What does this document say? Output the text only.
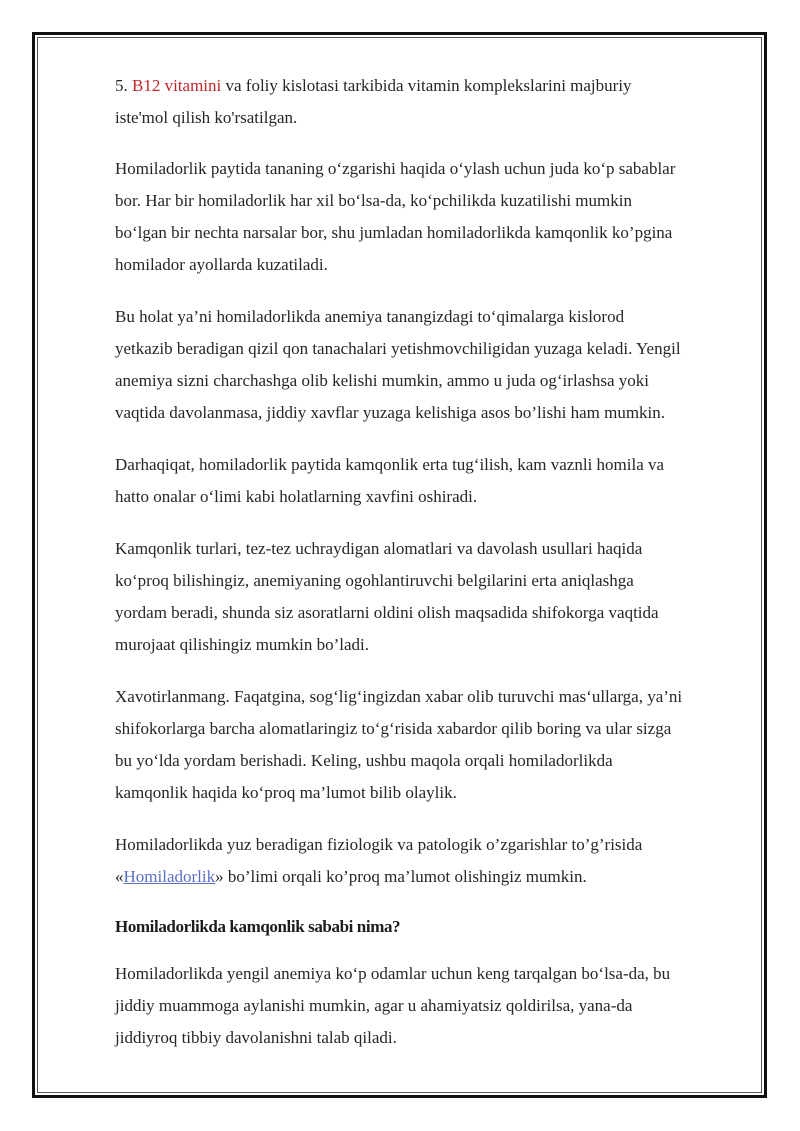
5. B12 vitamini va foliy kislotasi tarkibida vitamin komplekslarini majburiy
iste'mol qilish ko'rsatilgan.

Homiladorlik paytida tananing o‘zgarishi haqida o‘ylash uchun juda ko‘p sabablar
bor. Har bir homiladorlik har xil bo‘lsa-da, ko‘pchilikda kuzatilishi mumkin
bo‘lgan bir nechta narsalar bor, shu jumladan homiladorlikda kamqonlik ko’pgina
homilador ayollarda kuzatiladi.

Bu holat ya’ni homiladorlikda anemiya tanangizdagi to‘qimalarga kislorod
yetkazib beradigan qizil qon tanachalari yetishmovchiligidan yuzaga keladi. Yengil
anemiya sizni charchashga olib kelishi mumkin, ammo u juda og‘irlashsa yoki
vaqtida davolanmasa, jiddiy xavflar yuzaga kelishiga asos bo’lishi ham mumkin.

Darhaqiqat, homiladorlik paytida kamqonlik erta tug‘ilish, kam vaznli homila va
hatto onalar o‘limi kabi holatlarning xavfini oshiradi.

Kamqonlik turlari, tez-tez uchraydigan alomatlari va davolash usullari haqida
ko‘proq bilishingiz, anemiyaning ogohlantiruvchi belgilarini erta aniqlashga
yordam beradi, shunda siz asoratlarni oldini olish maqsadida shifokorga vaqtida
murojaat qilishingiz mumkin bo’ladi.

Xavotirlanmang. Faqatgina, sog‘lig‘ingizdan xabar olib turuvchi mas‘ullarga, ya’ni
shifokorlarga barcha alomatlaringiz to‘g‘risida xabardor qilib boring va ular sizga
bu yo‘lda yordam berishadi. Keling, ushbu maqola orqali homiladorlikda
kamqonlik haqida ko‘proq ma’lumot bilib olaylik.

Homiladorlikda yuz beradigan fiziologik va patologik o’zgarishlar to’g’risida
«Homiladorlik» bo’limi orqali ko’proq ma’lumot olishingiz mumkin.

Homiladorlikda kamqonlik sababi nima?

Homiladorlikda yengil anemiya ko‘p odamlar uchun keng tarqalgan bo‘lsa-da, bu
jiddiy muammoga aylanishi mumkin, agar u ahamiyatsiz qoldirilsa, yana-da
jiddiyroq tibbiy davolanishni talab qiladi.
